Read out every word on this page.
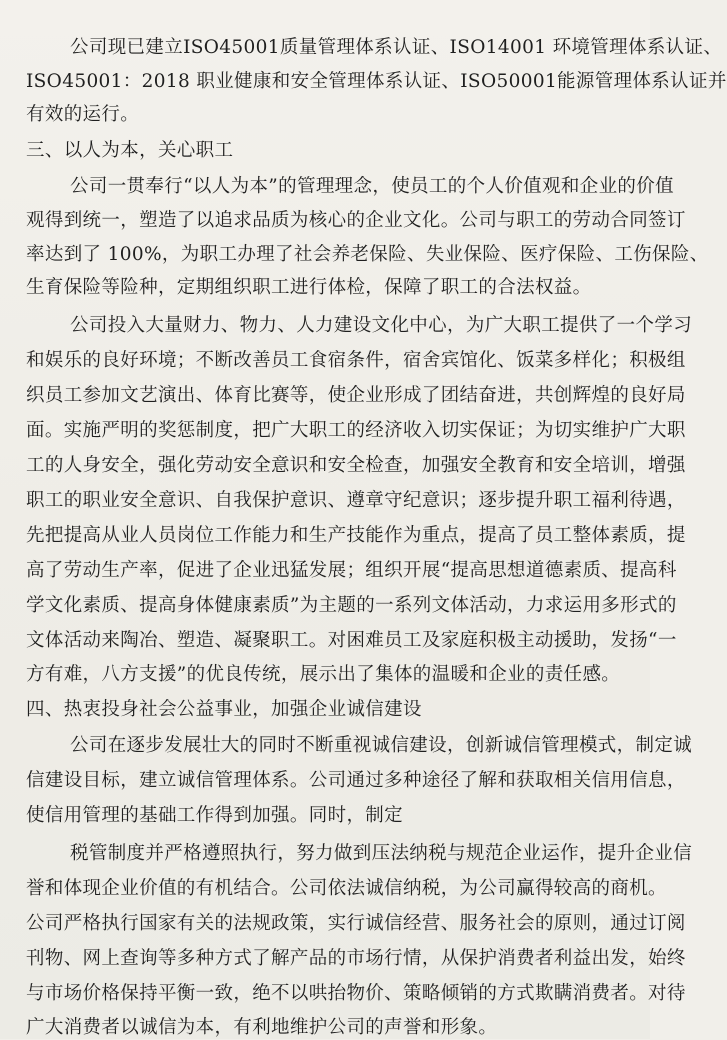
公司现已建立ISO45001质量管理体系认证、ISO14001 环境管理体系认证、
ISO45001：2018 职业健康和安全管理体系认证、ISO50001能源管理体系认证并
有效的运行。
三、以人为本，关心职工
公司一贯奉行“以人为本”的管理理念，使员工的个人价值观和企业的价值
观得到统一，塑造了以追求品质为核心的企业文化。公司与职工的劳动合同签订
率达到了 100%，为职工办理了社会养老保险、失业保险、医疗保险、工伤保险、
生育保险等险种，定期组织职工进行体检，保障了职工的合法权益。
公司投入大量财力、物力、人力建设文化中心，为广大职工提供了一个学习
和娱乐的良好环境；不断改善员工食宿条件，宿舍宾馆化、饭菜多样化；积极组
织员工参加文艺演出、体育比赛等，使企业形成了团结奋进，共创辉煌的良好局
面。实施严明的奖惩制度，把广大职工的经济收入切实保证；为切实维护广大职
工的人身安全，强化劳动安全意识和安全检查，加强安全教育和安全培训，增强
职工的职业安全意识、自我保护意识、遵章守纪意识；逐步提升职工福利待遇，
先把提高从业人员岗位工作能力和生产技能作为重点，提高了员工整体素质，提
高了劳动生产率，促进了企业迅猛发展；组织开展“提高思想道德素质、提高科
学文化素质、提高身体健康素质”为主题的一系列文体活动，力求运用多形式的
文体活动来陶冶、塑造、凝聚职工。对困难员工及家庭积极主动援助，发扬“一
方有难，八方支援”的优良传统，展示出了集体的温暖和企业的责任感。
四、热衷投身社会公益事业，加强企业诚信建设
公司在逐步发展壮大的同时不断重视诚信建设，创新诚信管理模式，制定诚
信建设目标，建立诚信管理体系。公司通过多种途径了解和获取相关信用信息，
使信用管理的基础工作得到加强。同时，制定
税管制度并严格遵照执行，努力做到压法纳税与规范企业运作，提升企业信
誉和体现企业价值的有机结合。公司依法诚信纳税，为公司赢得较高的商机。
公司严格执行国家有关的法规政策，实行诚信经营、服务社会的原则，通过订阅
刊物、网上查询等多种方式了解产品的市场行情，从保护消费者利益出发，始终
与市场价格保持平衡一致，绝不以哄抬物价、策略倾销的方式欺瞒消费者。对待
广大消费者以诚信为本，有利地维护公司的声誉和形象。
